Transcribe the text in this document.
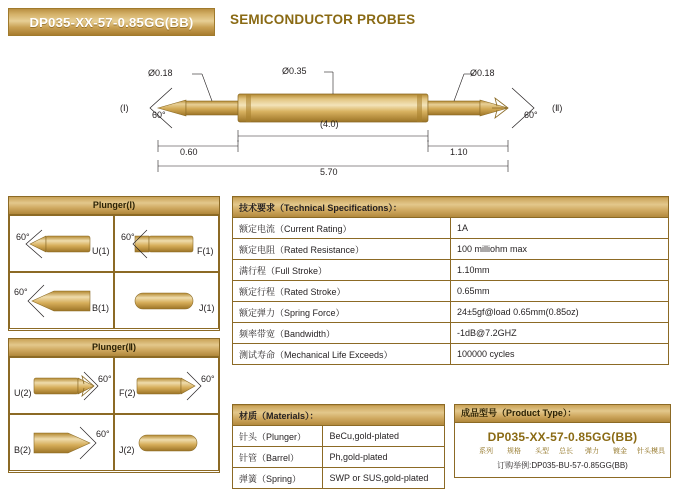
DP035-XX-57-0.85GG(BB)	SEMICONDUCTOR PROBES
Ø0.18	Ø0.35	Ø0.18
60°	60°
(Ⅰ)	(Ⅱ)
0.60
(4.0)
1.10
5.70
Plunger(Ⅰ)
60°
U(1)
60°
F(1)
60°
B(1)	J(1)
Plunger(Ⅱ)
U(2)
60°
F(2)
60°
B(2)
60°
J(2)
技术要求（Technical Specifications）：	
额定电流（Current Rating）	1A
额定电阻（Rated Resistance）	100 milliohm max
满行程（Full Stroke）	1.10mm
额定行程（Rated Stroke）	0.65mm
额定弹力（Spring Force）	24±5gf@load 0.65mm(0.85oz)
频率带宽（Bandwidth）	-1dB@7.2GHZ
测试寿命（Mechanical Life Exceeds）	100000 cycles
材质（Materials）：	
针头（Plunger）	BeCu,gold-plated
针管（Barrel）	Ph,gold-plated
弹簧（Spring）	SWP or SUS,gold-plated
成品型号（Product Type）：
DP035-XX-57-0.85GG(BB)
系列 规格 头型 总长 弹力 镀金 针头模具
订购举例:DP035-BU-57-0.85GG(BB)
